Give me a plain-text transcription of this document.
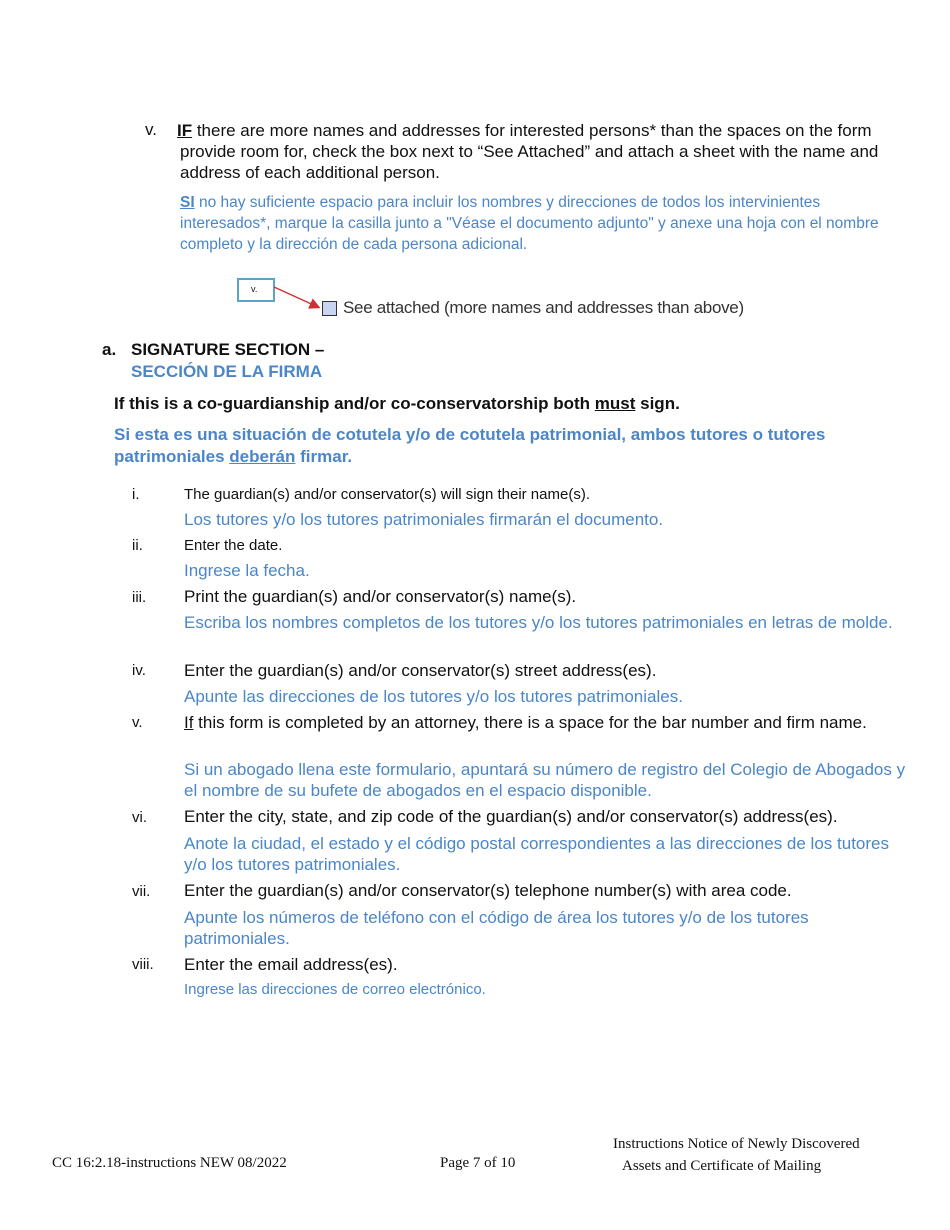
v. IF there are more names and addresses for interested persons* than the spaces on the form provide room for, check the box next to “See Attached” and attach a sheet with the name and address of each additional person.
SI no hay suficiente espacio para incluir los nombres y direcciones de todos los intervinientes interesados*, marque la casilla junto a "Véase el documento adjunto" y anexe una hoja con el nombre completo y la dirección de cada persona adicional.
v.
See attached (more names and addresses than above)
a. SIGNATURE SECTION –
SECCIÓN DE LA FIRMA
If this is a co-guardianship and/or co-conservatorship both must sign.
Si esta es una situación de cotutela y/o de cotutela patrimonial, ambos tutores o tutores patrimoniales deberán firmar.
i.	The guardian(s) and/or conservator(s) will sign their name(s).
Los tutores y/o los tutores patrimoniales firmarán el documento.
ii.	Enter the date.
Ingrese la fecha.
iii. Print the guardian(s) and/or conservator(s) name(s).
Escriba los nombres completos de los tutores y/o los tutores patrimoniales en letras de molde.
iv. Enter the guardian(s) and/or conservator(s) street address(es).
Apunte las direcciones de los tutores y/o los tutores patrimoniales.
v. If this form is completed by an attorney, there is a space for the bar number and firm name.
Si un abogado llena este formulario, apuntará su número de registro del Colegio de Abogados y el nombre de su bufete de abogados en el espacio disponible.
vi. Enter the city, state, and zip code of the guardian(s) and/or conservator(s) address(es).
Anote la ciudad, el estado y el código postal correspondientes a las direcciones de los tutores y/o los tutores patrimoniales.
vii. Enter the guardian(s) and/or conservator(s) telephone number(s) with area code.
Apunte los números de teléfono con el código de área los tutores y/o de los tutores patrimoniales.
viii. Enter the email address(es).
Ingrese las direcciones de correo electrónico.
CC 16:2.18-instructions NEW 08/2022	Page 7 of 10
Instructions Notice of Newly Discovered
Assets and Certificate of Mailing
